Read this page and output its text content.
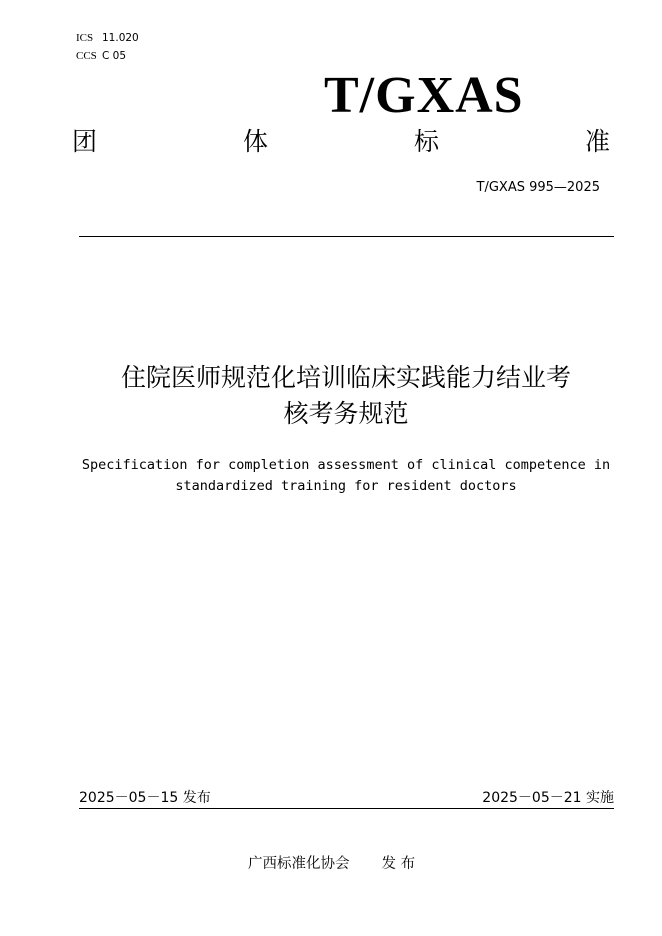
ICS 11.020
CCS C 05
T/GXAS
团	体	标	准
T/GXAS 995—2025
住院医师规范化培训临床实践能力结业考
核考务规范
Specification for completion assessment of clinical competence in
standardized training for resident doctors
2025－05－15 发布	2025－05－21 实施
广西标准化协会 发 布
